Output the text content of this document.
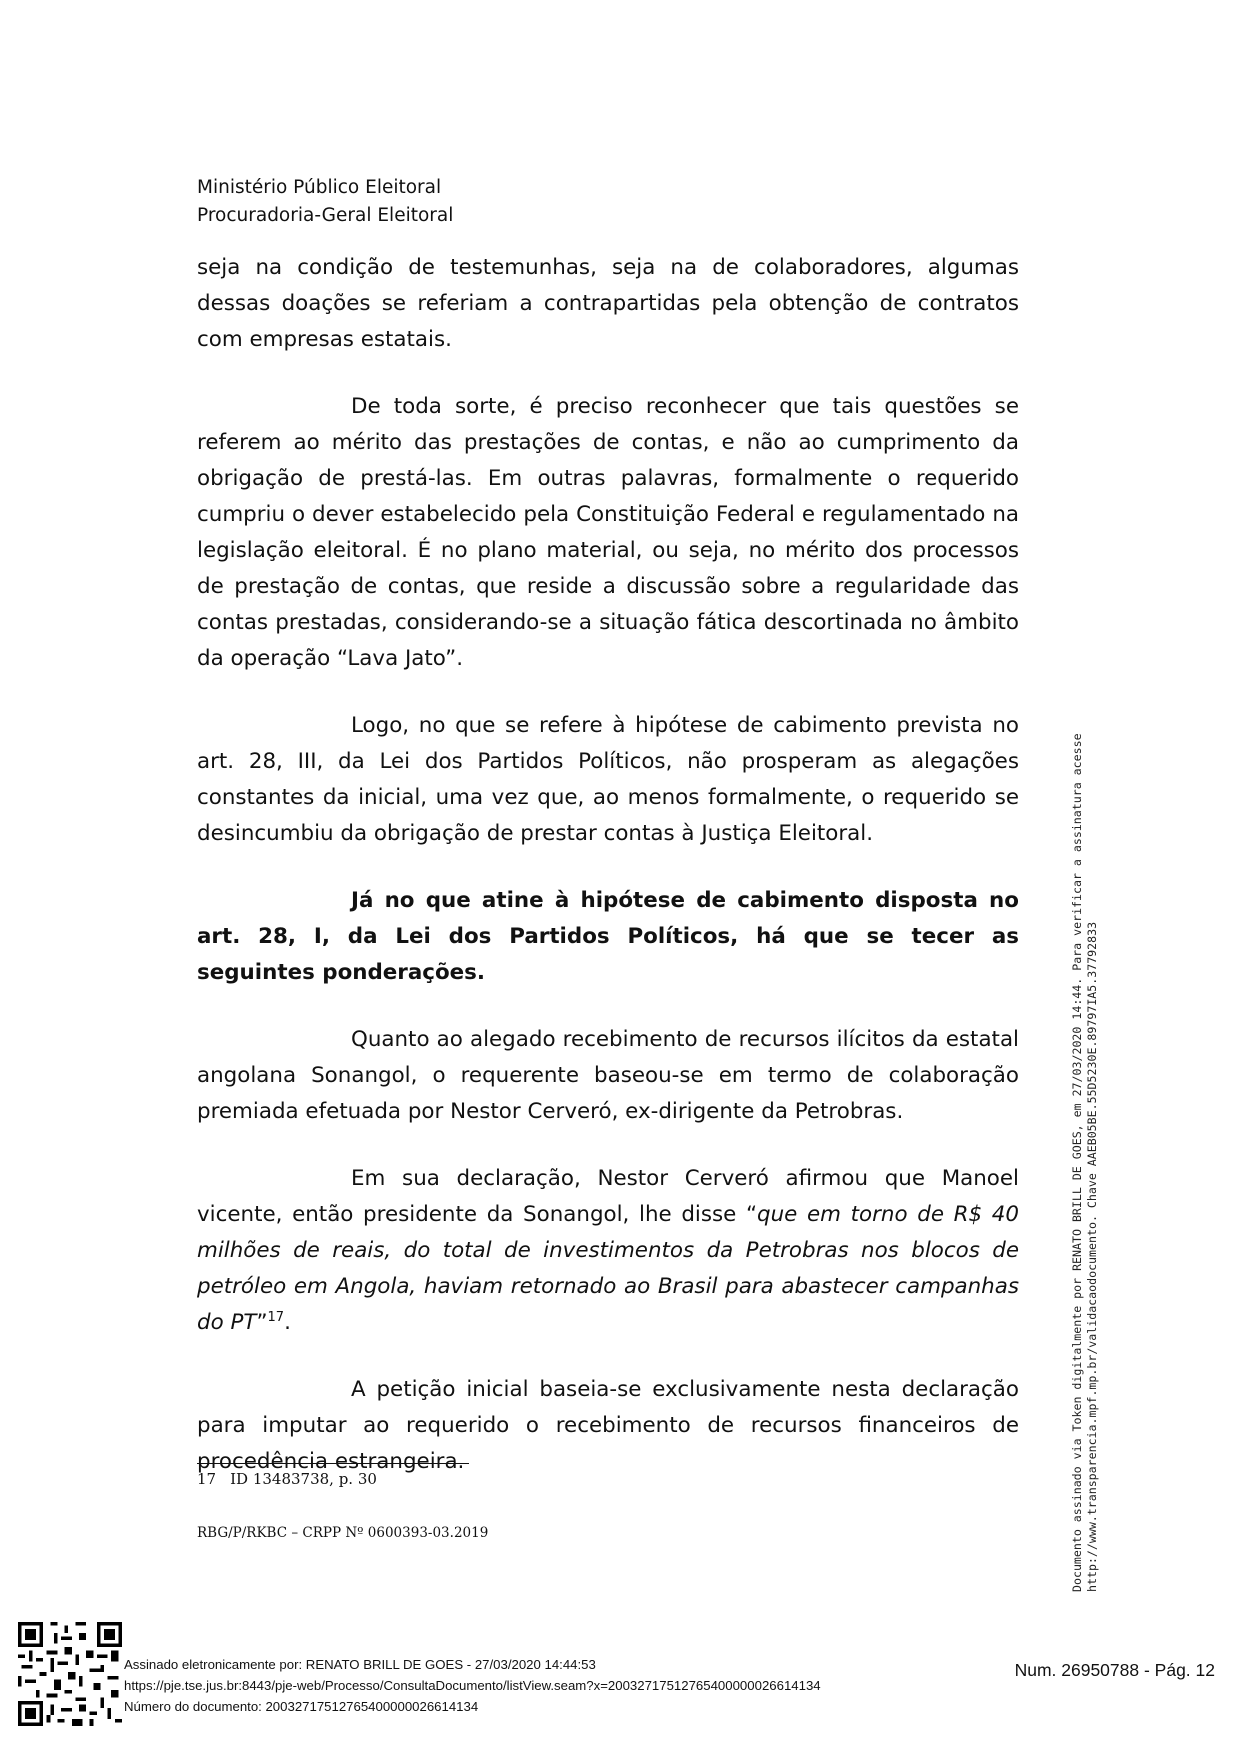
Ministério Público Eleitoral
Procuradoria-Geral Eleitoral

seja na condição de testemunhas, seja na de colaboradores, algumas dessas doações se referiam a contrapartidas pela obtenção de contratos com empresas estatais.

De toda sorte, é preciso reconhecer que tais questões se referem ao mérito das prestações de contas, e não ao cumprimento da obrigação de prestá-las. Em outras palavras, formalmente o requerido cumpriu o dever estabelecido pela Constituição Federal e regulamentado na legislação eleitoral. É no plano material, ou seja, no mérito dos processos de prestação de contas, que reside a discussão sobre a regularidade das contas prestadas, considerando-se a situação fática descortinada no âmbito da operação “Lava Jato”.

Logo, no que se refere à hipótese de cabimento prevista no art. 28, III, da Lei dos Partidos Políticos, não prosperam as alegações constantes da inicial, uma vez que, ao menos formalmente, o requerido se desincumbiu da obrigação de prestar contas à Justiça Eleitoral.

Já no que atine à hipótese de cabimento disposta no art. 28, I, da Lei dos Partidos Políticos, há que se tecer as seguintes ponderações.

Quanto ao alegado recebimento de recursos ilícitos da estatal angolana Sonangol, o requerente baseou-se em termo de colaboração premiada efetuada por Nestor Cerveró, ex-dirigente da Petrobras.

Em sua declaração, Nestor Cerveró afirmou que Manoel vicente, então presidente da Sonangol, lhe disse “que em torno de R$ 40 milhões de reais, do total de investimentos da Petrobras nos blocos de petróleo em Angola, haviam retornado ao Brasil para abastecer campanhas do PT”$^{17}$.

A petição inicial baseia-se exclusivamente nesta declaração para imputar ao requerido o recebimento de recursos financeiros de procedência estrangeira.

17 ID 13483738, p. 30
RBG/P/RKBC – CRPP Nº 0600393-03.2019	Documento assinado via Token digitalmente por RENATO BRILL DE GOES, em 27/03/2020 14:44. Para verificar a assinatura acesse http://www.transparencia.mpf.mp.br/validacaodocumento. Chave AAEB05BE.55D5230E.89797IA5.37792833
Assinado eletronicamente por: RENATO BRILL DE GOES - 27/03/2020 14:44:53
https://pje.tse.jus.br:8443/pje-web/Processo/ConsultaDocumento/listView.seam?x=20032717512765400000026614134
Número do documento: 20032717512765400000026614134
Num. 26950788 - Pág. 12
